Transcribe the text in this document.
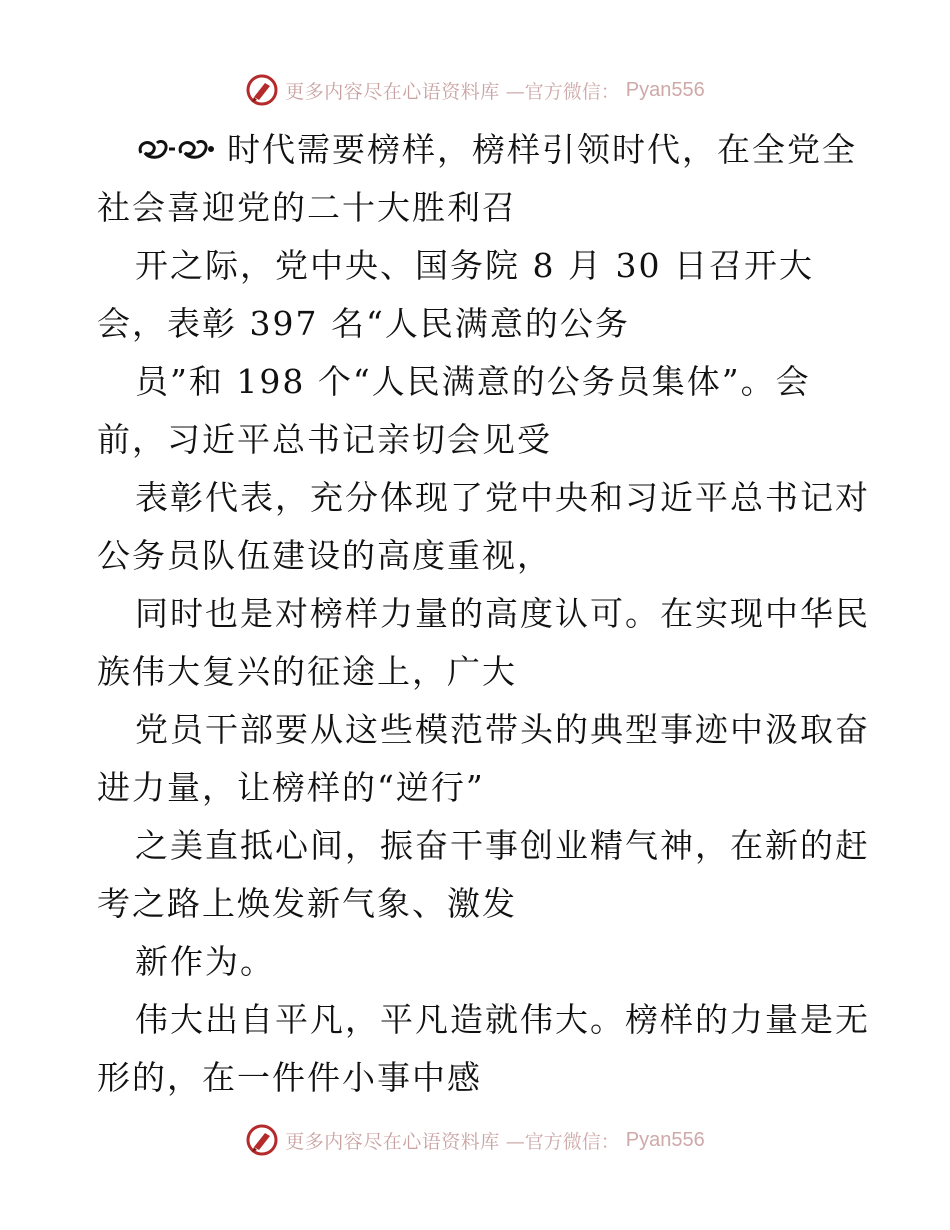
更多内容尽在心语资料库 —官方微信： Pyan556
时代需要榜样，榜样引领时代，在全党全
社会喜迎党的二十大胜利召
开之际，党中央、国务院 8 月 30 日召开大
会，表彰 397 名“人民满意的公务
员”和 198 个“人民满意的公务员集体”。会
前，习近平总书记亲切会见受
表彰代表，充分体现了党中央和习近平总书记对
公务员队伍建设的高度重视，
同时也是对榜样力量的高度认可。在实现中华民
族伟大复兴的征途上，广大
党员干部要从这些模范带头的典型事迹中汲取奋
进力量，让榜样的“逆行”
之美直抵心间，振奋干事创业精气神，在新的赶
考之路上焕发新气象、激发
新作为。
伟大出自平凡，平凡造就伟大。榜样的力量是无
形的，在一件件小事中感
更多内容尽在心语资料库 —官方微信： Pyan556
